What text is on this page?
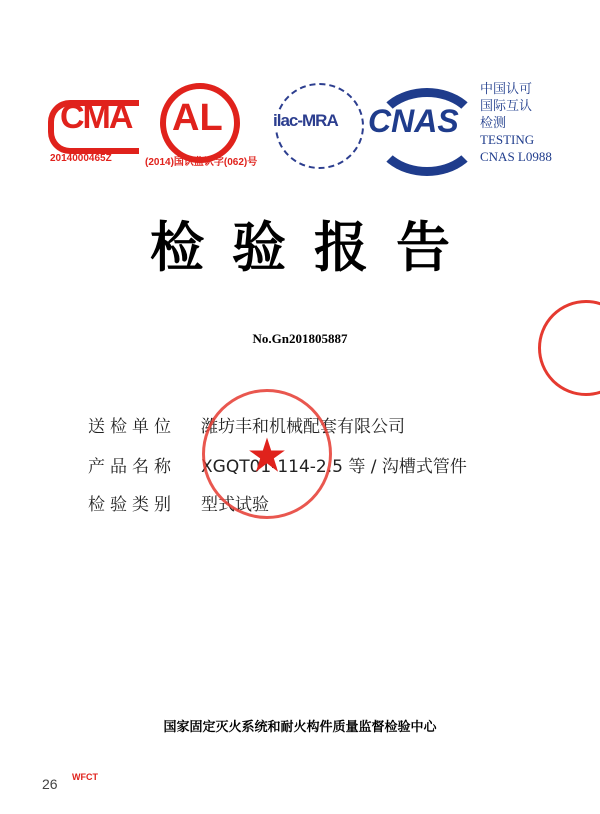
CMA
2014000465Z
AL
(2014)国认监认字(062)号
ilac-MRA CNAS
中国认可
国际互认
检测
TESTING
CNAS L0988
检验报告
No.Gn201805887
送检单位 潍坊丰和机械配套有限公司
产品名称 XGQT01-114-2.5 等 / 沟槽式管件
检验类别 型式试验
国家固定灭火系统和耐火构件质量监督检验中心
26 WFCT
